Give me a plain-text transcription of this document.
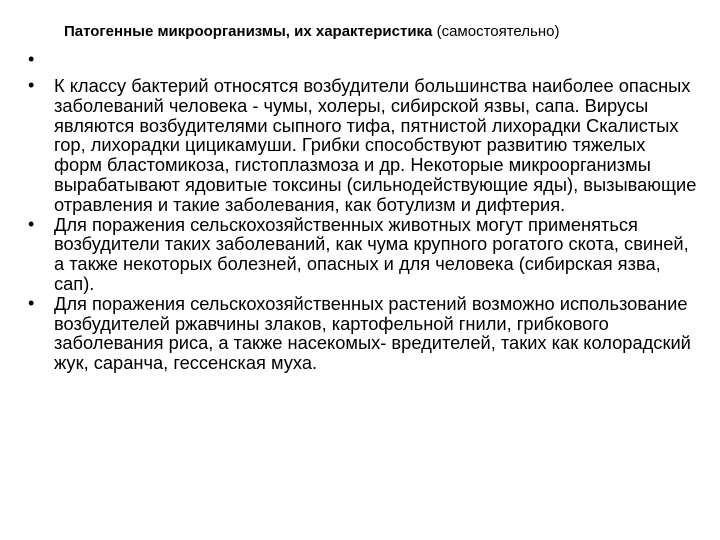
Патогенные микроорганизмы, их характеристика (самостоятельно)
•
•	К классу бактерий относятся возбудители большинства наиболее опасных заболеваний человека - чумы, холеры, сибирской язвы, сапа. Вирусы являются возбудителями сыпного тифа, пятнистой лихорадки Скалистых гор, лихорадки цицикамуши. Грибки способствуют развитию тяжелых форм бластомикоза, гистоплазмоза и др. Некоторые микроорганизмы вырабатывают ядовитые токсины (сильнодействующие яды), вызывающие отравления и такие заболевания, как ботулизм и дифтерия.
•	Для поражения сельскохозяйственных животных могут применяться возбудители таких заболеваний, как чума крупного рогатого скота, свиней, а также некоторых болезней, опасных и для человека (сибирская язва, сап).
•	Для поражения сельскохозяйственных растений возможно использование возбудителей ржавчины злаков, картофельной гнили, грибкового заболевания риса, а также насекомых- вредителей, таких как колорадский жук, саранча, гессенская муха.
